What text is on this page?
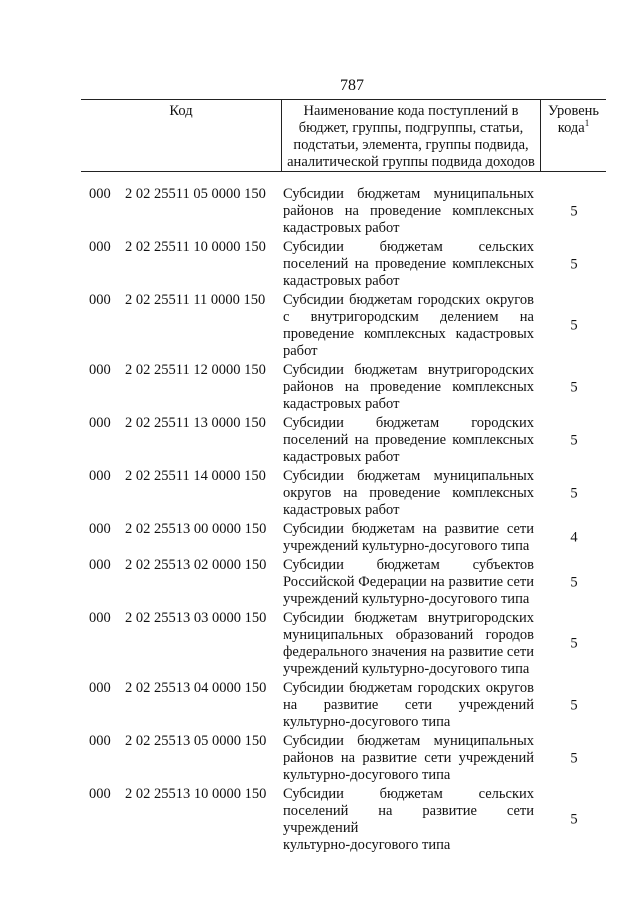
787
Код	Наименование кода поступлений в
бюджет, группы, подгруппы, статьи,
подстатьи, элемента, группы подвида,
аналитической группы подвида доходов
Уровень
кода$^1$
000 2 02 25511 05 0000 150 Субсидии бюджетам муниципальных
районов на проведение комплексных
кадастровых работ
5
000 2 02 25511 10 0000 150 Субсидии бюджетам сельских
поселений на проведение комплексных
кадастровых работ
5
000 2 02 25511 11 0000 150 Субсидии бюджетам городских округов
с внутригородским делением на
проведение комплексных кадастровых
работ
5
000 2 02 25511 12 0000 150 Субсидии бюджетам внутригородских
районов на проведение комплексных
кадастровых работ
5
000 2 02 25511 13 0000 150 Субсидии бюджетам городских
поселений на проведение комплексных
кадастровых работ
5
000 2 02 25511 14 0000 150 Субсидии бюджетам муниципальных
округов на проведение комплексных
кадастровых работ
5
000 2 02 25513 00 0000 150 Субсидии бюджетам на развитие сети
учреждений культурно-досугового типа
4
000 2 02 25513 02 0000 150 Субсидии бюджетам субъектов
Российской Федерации на развитие сети
учреждений культурно-досугового типа
5
000 2 02 25513 03 0000 150 Субсидии бюджетам внутригородских
муниципальных образований городов
федерального значения на развитие сети
учреждений культурно-досугового типа
5
000 2 02 25513 04 0000 150 Субсидии бюджетам городских округов
на развитие сети учреждений
культурно-досугового типа
5
000 2 02 25513 05 0000 150 Субсидии бюджетам муниципальных
районов на развитие сети учреждений
культурно-досугового типа
5
000 2 02 25513 10 0000 150 Субсидии бюджетам сельских
поселений на развитие сети учреждений
культурно-досугового типа
5
